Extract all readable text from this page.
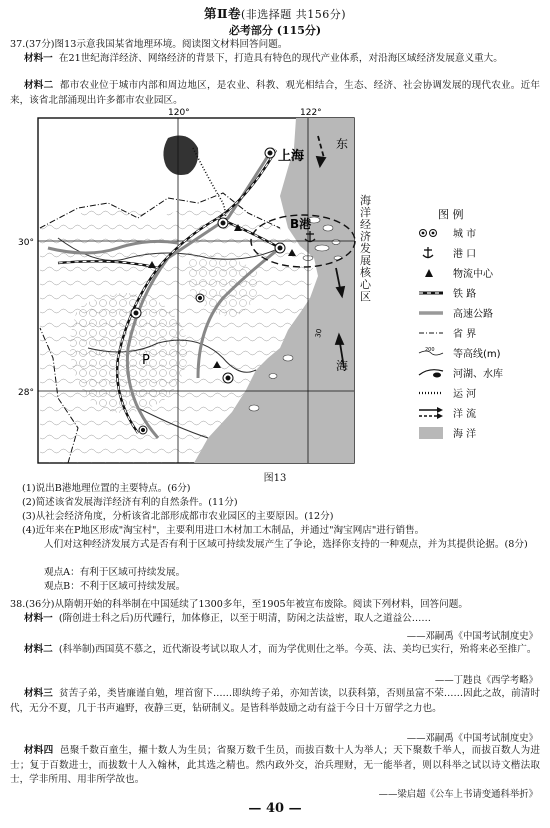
第Ⅱ卷(非选择题 共156分)
必考部分 (115分)
37.(37分)图13示意我国某省地理环境。阅读图文材料回答问题。
材料一 在21世纪海洋经济、网络经济的背景下，打造具有特色的现代产业体系，对沿海区域经济发展意义重大。
材料二 都市农业位于城市内部和周边地区，是农业、科教、观光相结合，生态、经济、社会协调发展的现代农业。近年来，该省北部涌现出许多都市农业园区。
120°	122°
30°
28°
上海
B港
P
东
海
30
海洋经济发展核心区
图 例
城 市
港 口
物流中心
铁 路
高速公路
省 界
200 等高线(m)
河湖、水库
运 河
洋 流
海 洋
图13
(1)说出B港地理位置的主要特点。(6分)
(2)简述该省发展海洋经济有利的自然条件。(11分)
(3)从社会经济角度，分析该省北部形成都市农业园区的主要原因。(12分)
(4)近年来在P地区形成"淘宝村"，主要利用进口木材加工木制品，并通过"淘宝网店"进行销售。
人们对这种经济发展方式是否有利于区域可持续发展产生了争论，选择你支持的一种观点，并为其提供论据。(8分)
观点A：有利于区域可持续发展。
观点B：不利于区域可持续发展。
38.(36分)从隋朝开始的科举制在中国延续了1300多年，至1905年被宣布废除。阅读下列材料，回答问题。
材料一 (隋创进士科之后)历代踵行，加体修正，以至于明清，防闲之法益密，取人之道益公……
——邓嗣禹《中国考试制度史》
材料二 (科举制)西国莫不慕之，近代渐设考试以取人才，而为学优则仕之举。今英、法、美均已实行，殆将来必至推广。
——丁韪良《西学考略》
材料三 贫苦子弟，类皆廉谨自勉，埋首窗下……即纨绔子弟，亦知苦读，以获科第，否则虽富不荣……因此之故，前清时代，无分不夏，几于书声遍野，夜静三更，钻研制义。是皆科举鼓励之动有益于今日十万留学之力也。
——邓嗣禹《中国考试制度史》
材料四 邑聚千数百童生，擢十数人为生员；省聚万数千生员，而拔百数十人为举人；天下聚数千举人，而拔百数人为进士；复于百数进士，而拔数十人入翰林，此其选之精也。然内政外交，治兵理财，无一能举者，则以科举之试以诗文楷法取士，学非所用、用非所学故也。
——梁启超《公车上书请变通科举折》
— 40 —
